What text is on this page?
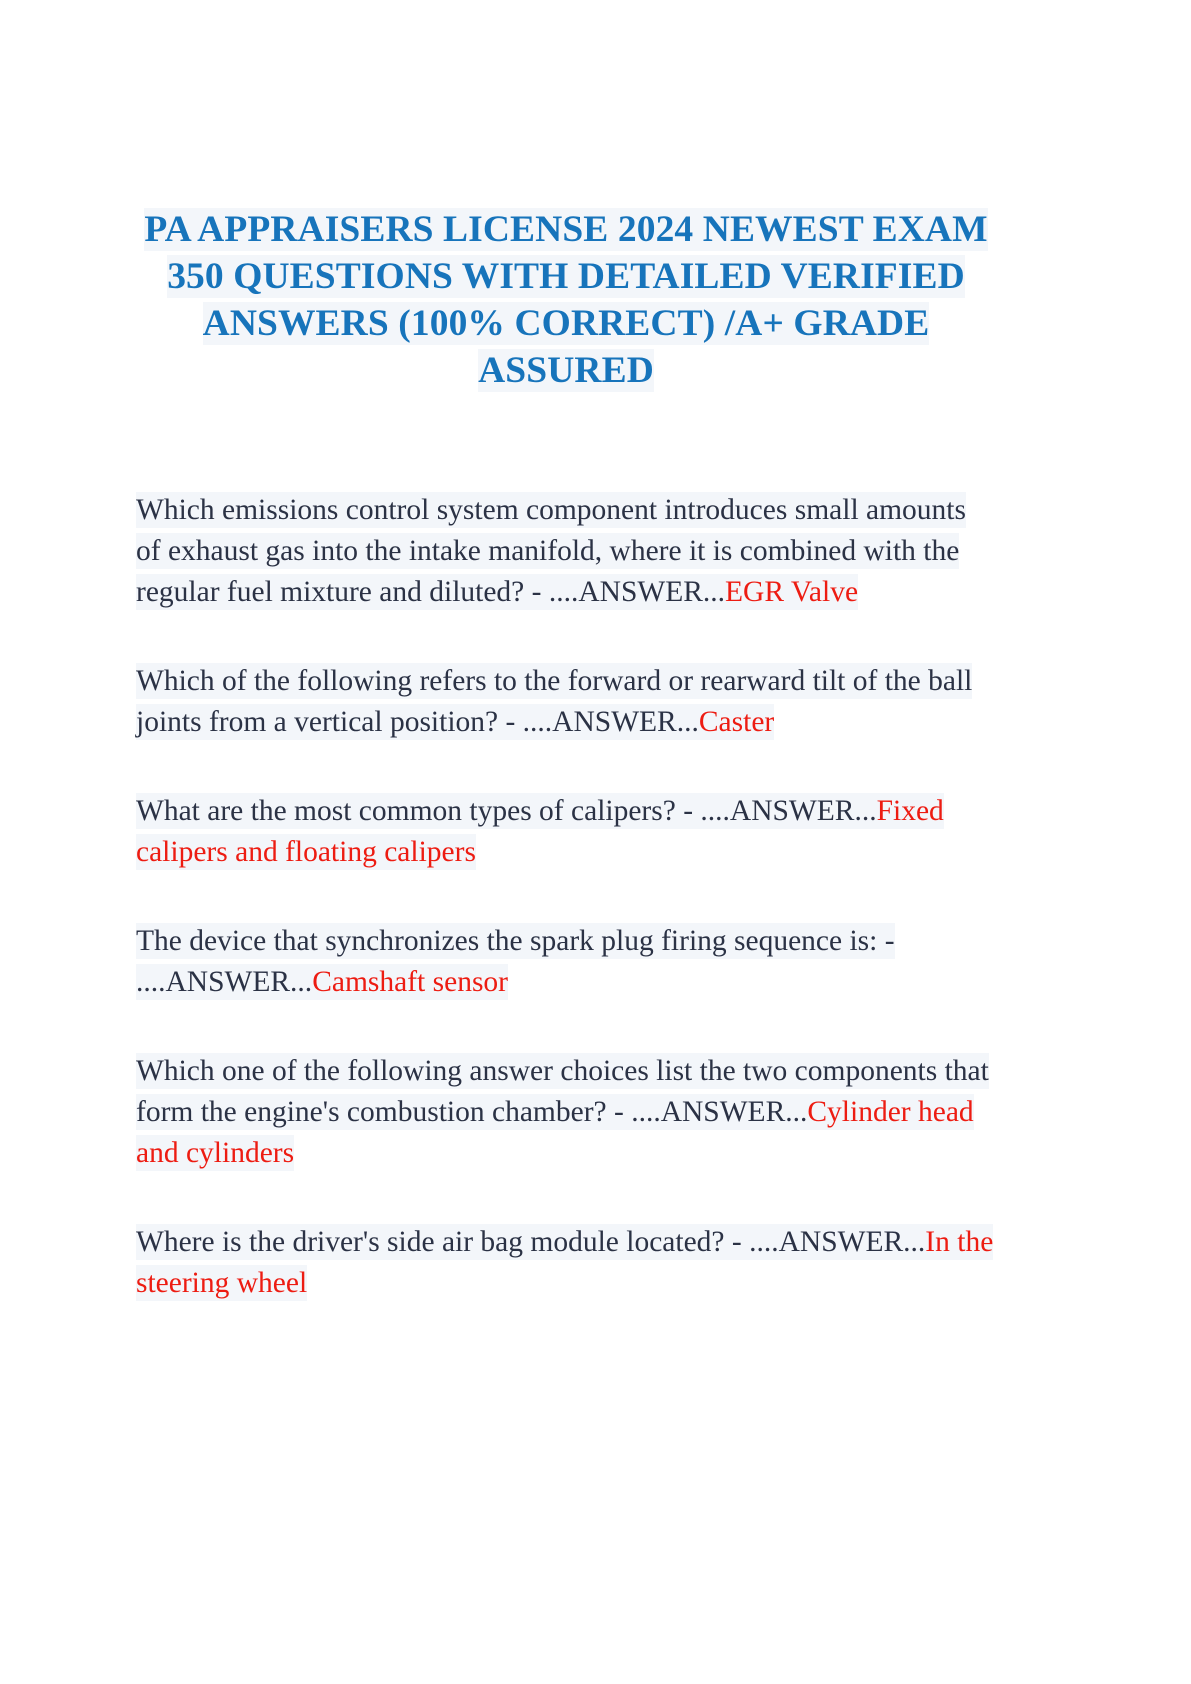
PA APPRAISERS LICENSE 2024 NEWEST EXAM 350 QUESTIONS WITH DETAILED VERIFIED ANSWERS (100% CORRECT) /A+ GRADE ASSURED
Which emissions control system component introduces small amounts of exhaust gas into the intake manifold, where it is combined with the regular fuel mixture and diluted? - ....ANSWER...EGR Valve
Which of the following refers to the forward or rearward tilt of the ball joints from a vertical position? - ....ANSWER...Caster
What are the most common types of calipers? - ....ANSWER...Fixed calipers and floating calipers
The device that synchronizes the spark plug firing sequence is: - ....ANSWER...Camshaft sensor
Which one of the following answer choices list the two components that form the engine's combustion chamber? - ....ANSWER...Cylinder head and cylinders
Where is the driver's side air bag module located? - ....ANSWER...In the steering wheel
